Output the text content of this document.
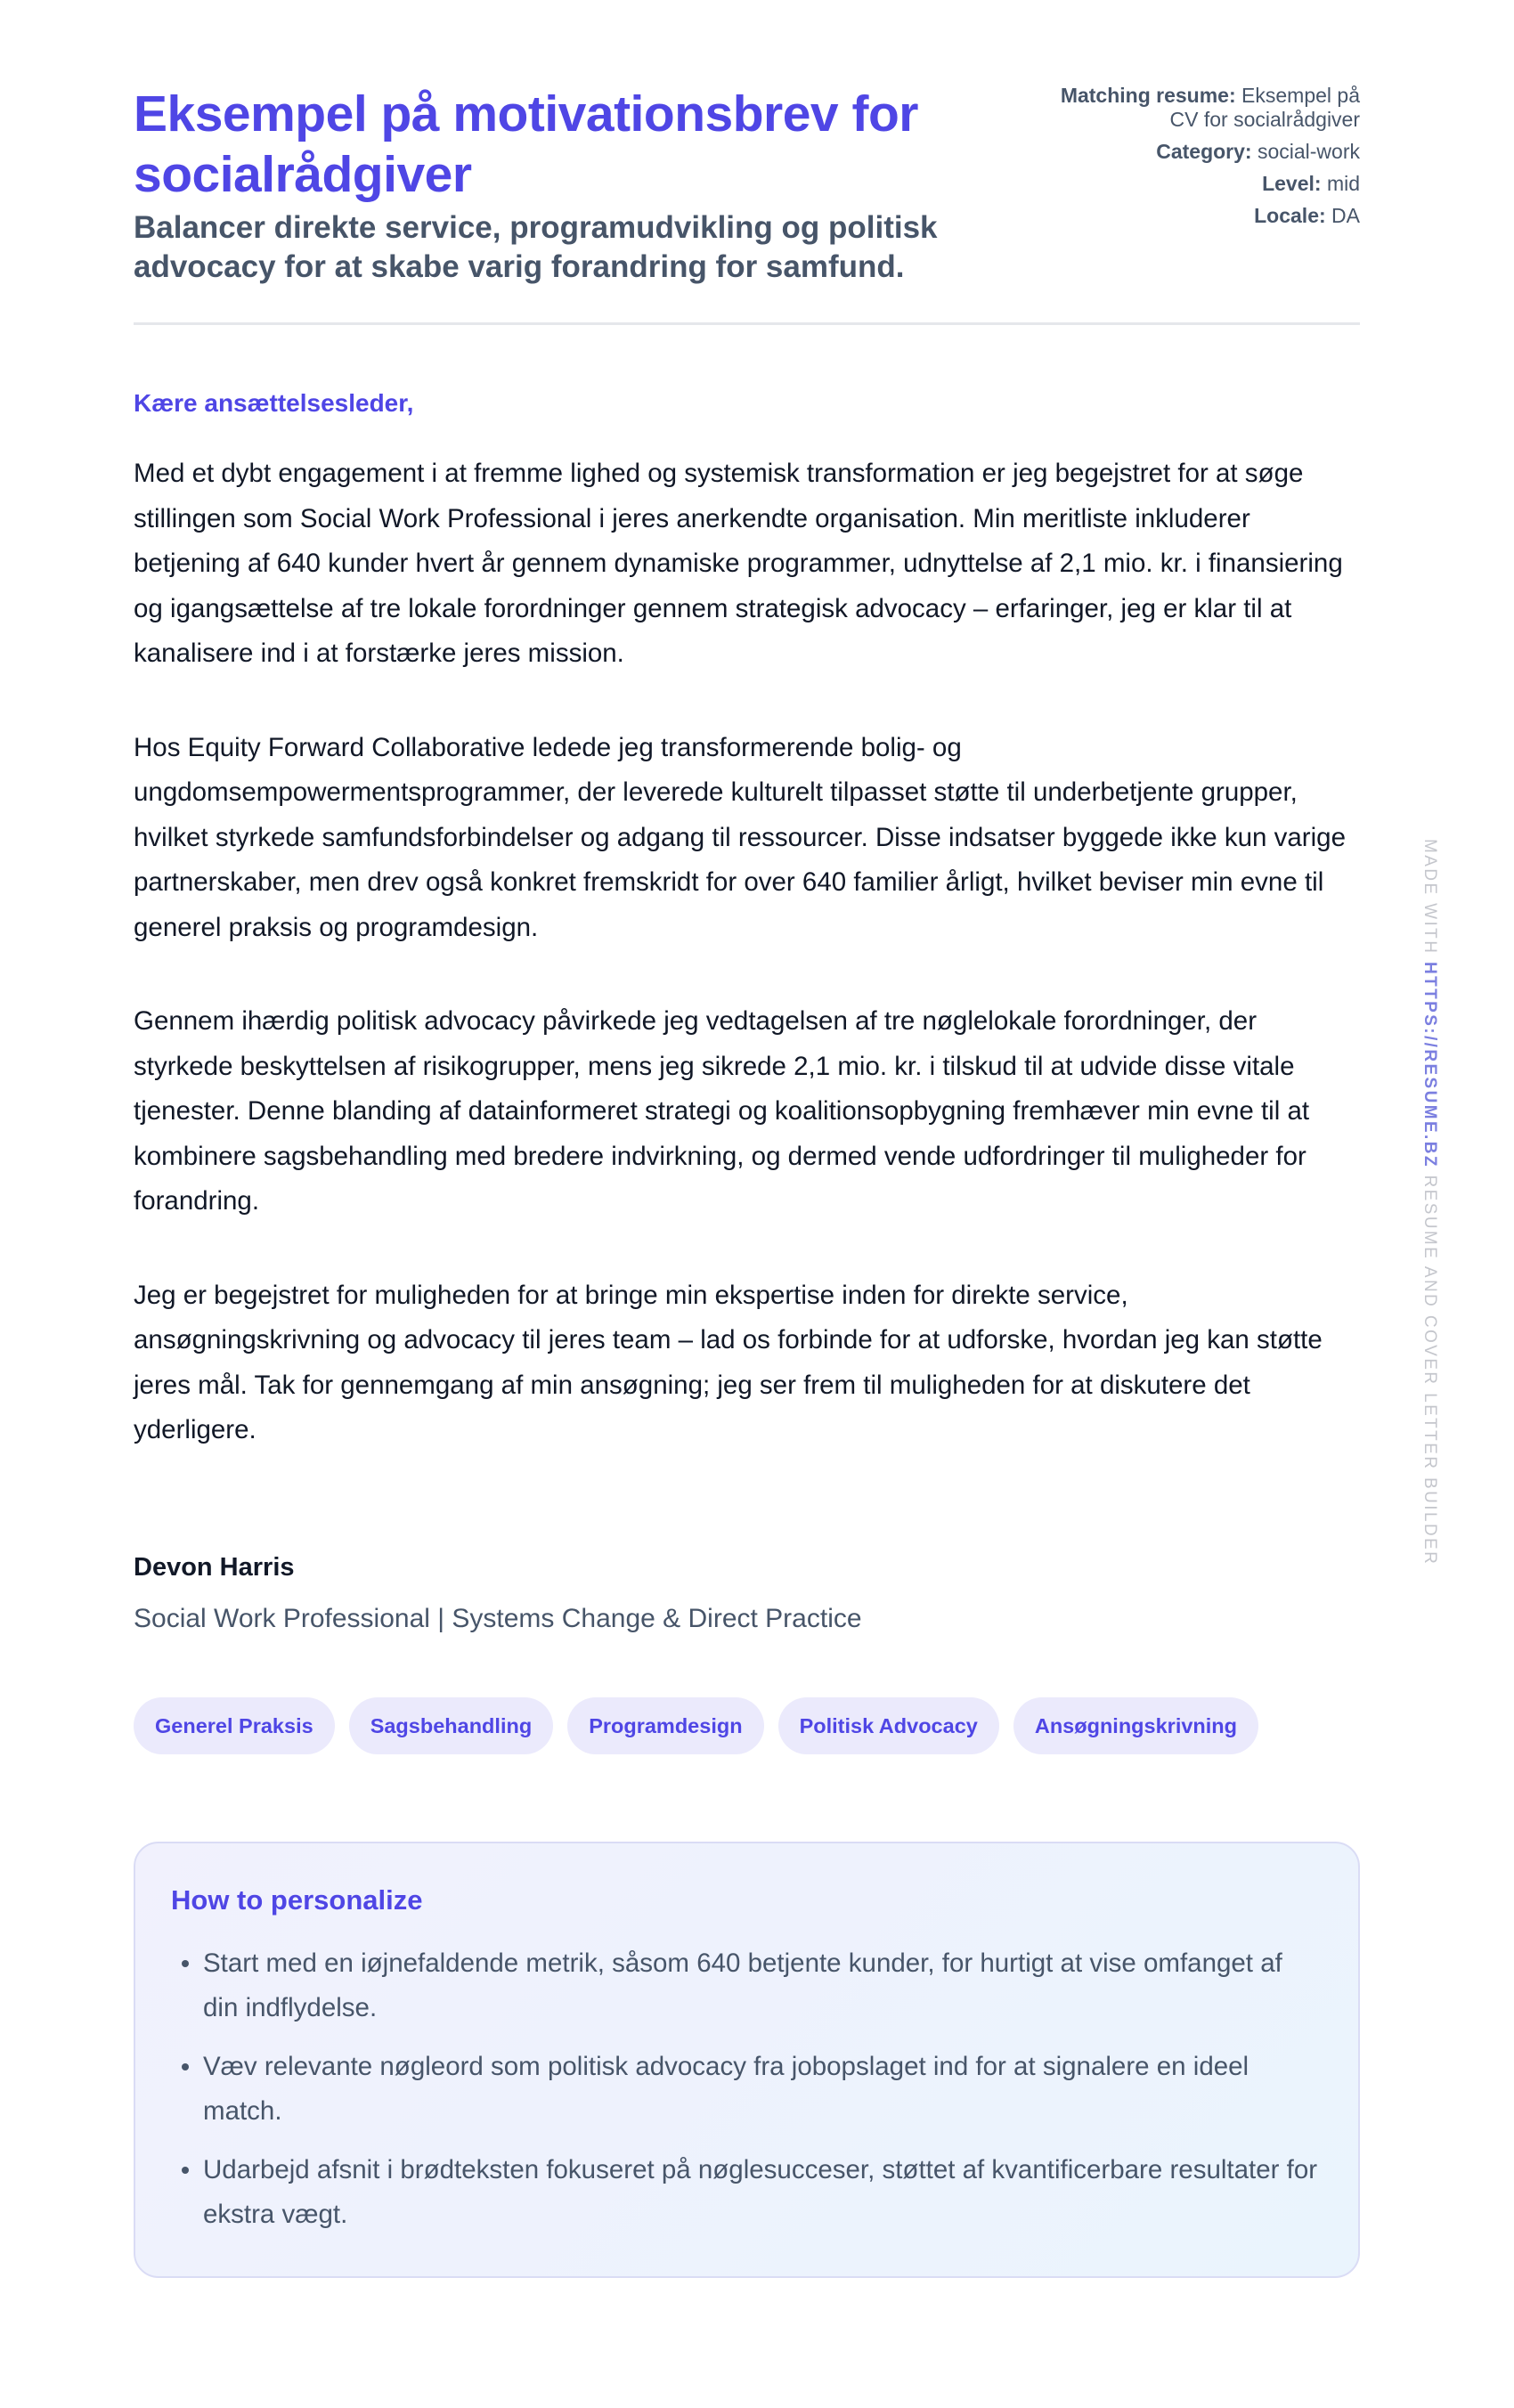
Eksempel på motivationsbrev for socialrådgiver

Balancer direkte service, programudvikling og politisk advocacy for at skabe varig forandring for samfund.

Matching resume: Eksempel på CV for socialrådgiver
Category: social-work
Level: mid
Locale: DA
Kære ansættelsesleder,

Med et dybt engagement i at fremme lighed og systemisk transformation er jeg begejstret for at søge stillingen som Social Work Professional i jeres anerkendte organisation. Min meritliste inkluderer betjening af 640 kunder hvert år gennem dynamiske programmer, udnyttelse af 2,1 mio. kr. i finansiering og igangsættelse af tre lokale forordninger gennem strategisk advocacy – erfaringer, jeg er klar til at kanalisere ind i at forstærke jeres mission.

Hos Equity Forward Collaborative ledede jeg transformerende bolig- og ungdomsempowermentsprogrammer, der leverede kulturelt tilpasset støtte til underbetjente grupper, hvilket styrkede samfundsforbindelser og adgang til ressourcer. Disse indsatser byggede ikke kun varige partnerskaber, men drev også konkret fremskridt for over 640 familier årligt, hvilket beviser min evne til generel praksis og programdesign.

Gennem ihærdig politisk advocacy påvirkede jeg vedtagelsen af tre nøglelokale forordninger, der styrkede beskyttelsen af risikogrupper, mens jeg sikrede 2,1 mio. kr. i tilskud til at udvide disse vitale tjenester. Denne blanding af datainformeret strategi og koalitionsopbygning fremhæver min evne til at kombinere sagsbehandling med bredere indvirkning, og dermed vende udfordringer til muligheder for forandring.

Jeg er begejstret for muligheden for at bringe min ekspertise inden for direkte service, ansøgningskrivning og advocacy til jeres team – lad os forbinde for at udforske, hvordan jeg kan støtte jeres mål. Tak for gennemgang af min ansøgning; jeg ser frem til muligheden for at diskutere det yderligere.

Devon Harris
Social Work Professional | Systems Change & Direct Practice
Generel Praksis	Sagsbehandling	Programdesign	Politisk Advocacy	Ansøgningskrivning
How to personalize
Start med en iøjnefaldende metrik, såsom 640 betjente kunder, for hurtigt at vise omfanget af din indflydelse.
Væv relevante nøgleord som politisk advocacy fra jobopslaget ind for at signalere en ideel match.
Udarbejd afsnit i brødteksten fokuseret på nøglesucceser, støttet af kvantificerbare resultater for ekstra vægt.
MADE WITH HTTPS://RESUME.BZ RESUME AND COVER LETTER BUILDER
